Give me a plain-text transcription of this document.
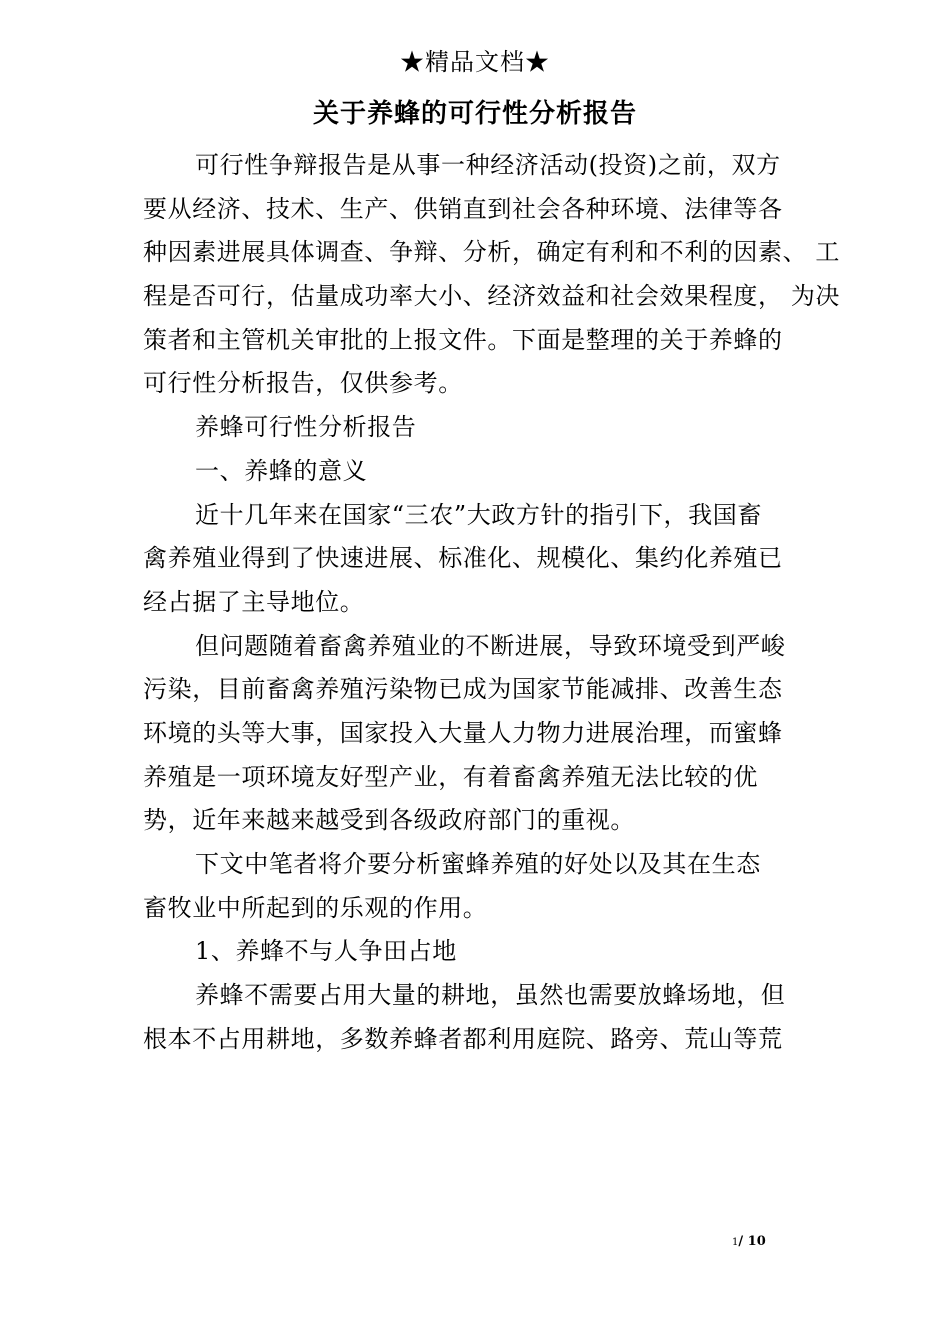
★精品文档★
关于养蜂的可行性分析报告
可行性争辩报告是从事一种经济活动(投资)之前，双方
要从经济、技术、生产、供销直到社会各种环境、法律等各
种因素进展具体调查、争辩、分析，确定有利和不利的因素、 工
程是否可行，估量成功率大小、经济效益和社会效果程度， 为决
策者和主管机关审批的上报文件。下面是整理的关于养蜂的
可行性分析报告，仅供参考。
养蜂可行性分析报告
一、养蜂的意义
近十几年来在国家“三农”大政方针的指引下，我国畜
禽养殖业得到了快速进展、标准化、规模化、集约化养殖已
经占据了主导地位。
但问题随着畜禽养殖业的不断进展，导致环境受到严峻
污染，目前畜禽养殖污染物已成为国家节能减排、改善生态
环境的头等大事，国家投入大量人力物力进展治理，而蜜蜂
养殖是一项环境友好型产业，有着畜禽养殖无法比较的优
势，近年来越来越受到各级政府部门的重视。
下文中笔者将介要分析蜜蜂养殖的好处以及其在生态
畜牧业中所起到的乐观的作用。
1、养蜂不与人争田占地
养蜂不需要占用大量的耕地，虽然也需要放蜂场地，但
根本不占用耕地，多数养蜂者都利用庭院、路旁、荒山等荒
1/ 10
